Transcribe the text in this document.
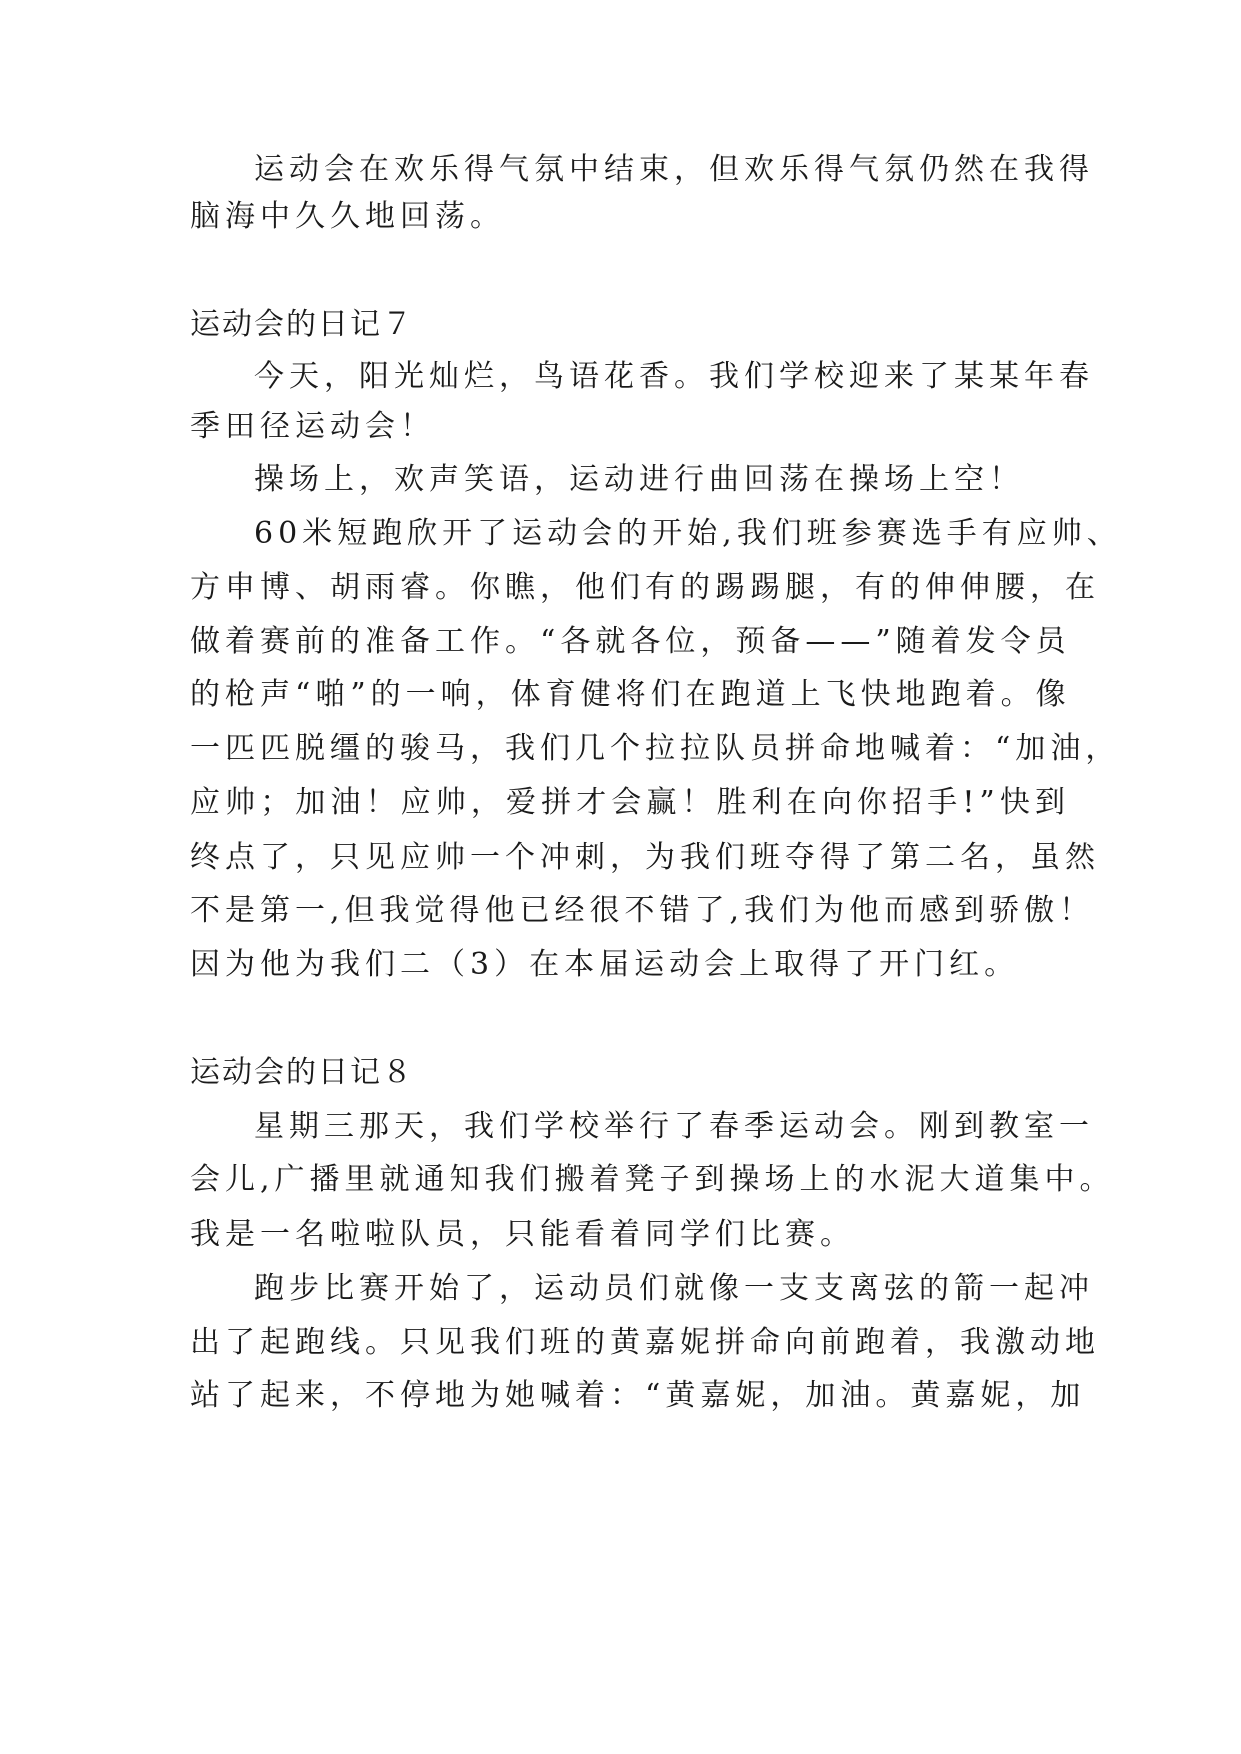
运动会在欢乐得气氛中结束，但欢乐得气氛仍然在我得

脑海中久久地回荡。

运动会的日记７

今天，阳光灿烂，鸟语花香。我们学校迎来了某某年春

季田径运动会！

操场上，欢声笑语，运动进行曲回荡在操场上空！

60米短跑欣开了运动会的开始,我们班参赛选手有应帅、

方申博、胡雨睿。你瞧，他们有的踢踢腿，有的伸伸腰，在

做着赛前的准备工作。“各就各位，预备——”随着发令员

的枪声“啪”的一响，体育健将们在跑道上飞快地跑着。像

一匹匹脱缰的骏马，我们几个拉拉队员拼命地喊着：“加油，

应帅；加油！应帅，爱拼才会赢！胜利在向你招手!”快到

终点了，只见应帅一个冲刺，为我们班夺得了第二名，虽然

不是第一,但我觉得他已经很不错了,我们为他而感到骄傲！

因为他为我们二（3）在本届运动会上取得了开门红。

运动会的日记８

星期三那天，我们学校举行了春季运动会。刚到教室一

会儿,广播里就通知我们搬着凳子到操场上的水泥大道集中。

我是一名啦啦队员，只能看着同学们比赛。

跑步比赛开始了，运动员们就像一支支离弦的箭一起冲

出了起跑线。只见我们班的黄嘉妮拼命向前跑着，我激动地

站了起来，不停地为她喊着：“黄嘉妮，加油。黄嘉妮，加
